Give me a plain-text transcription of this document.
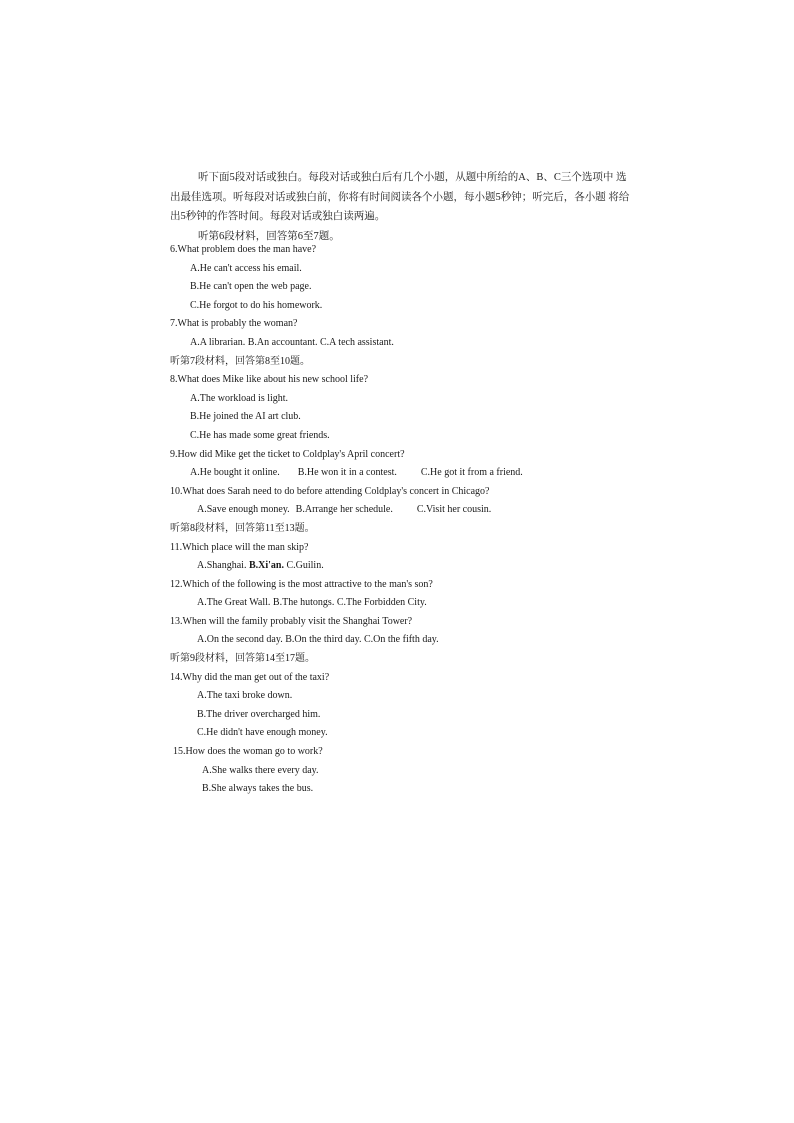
听下面5段对话或独白。每段对话或独白后有几个小题，从题中所给的A、B、C三个选项中 选出最佳选项。听每段对话或独白前，你将有时间阅读各个小题，每小题5秒钟；听完后，各小题 将给出5秒钟的作答时间。每段对话或独白读两遍。

听第6段材料，回答第6至7题。

6.What problem does the man have?
A.He can't access his email.
B.He can't open the web page.
C.He forgot to do his homework.
7.What is probably the woman?
A.A librarian. B.An accountant. C.A tech assistant.
听第7段材料，回答第8至10题。
8.What does Mike like about his new school life?
A.The workload is light.
B.He joined the AI art club.
C.He has made some great friends.
9.How did Mike get the ticket to Coldplay's April concert?
A.He bought it online. B.He won it in a contest. C.He got it from a friend.
10.What does Sarah need to do before attending Coldplay's concert in Chicago?
A.Save enough money. B.Arrange her schedule. C.Visit her cousin.
听第8段材料，回答第11至13题。
11.Which place will the man skip?
A.Shanghai. B.Xi'an. C.Guilin.
12.Which of the following is the most attractive to the man's son?
A.The Great Wall. B.The hutongs. C.The Forbidden City.
13.When will the family probably visit the Shanghai Tower?
A.On the second day. B.On the third day. C.On the fifth day.
听第9段材料，回答第14至17题。
14.Why did the man get out of the taxi?
A.The taxi broke down.
B.The driver overcharged him.
C.He didn't have enough money.
15.How does the woman go to work?
A.She walks there every day.
B.She always takes the bus.
